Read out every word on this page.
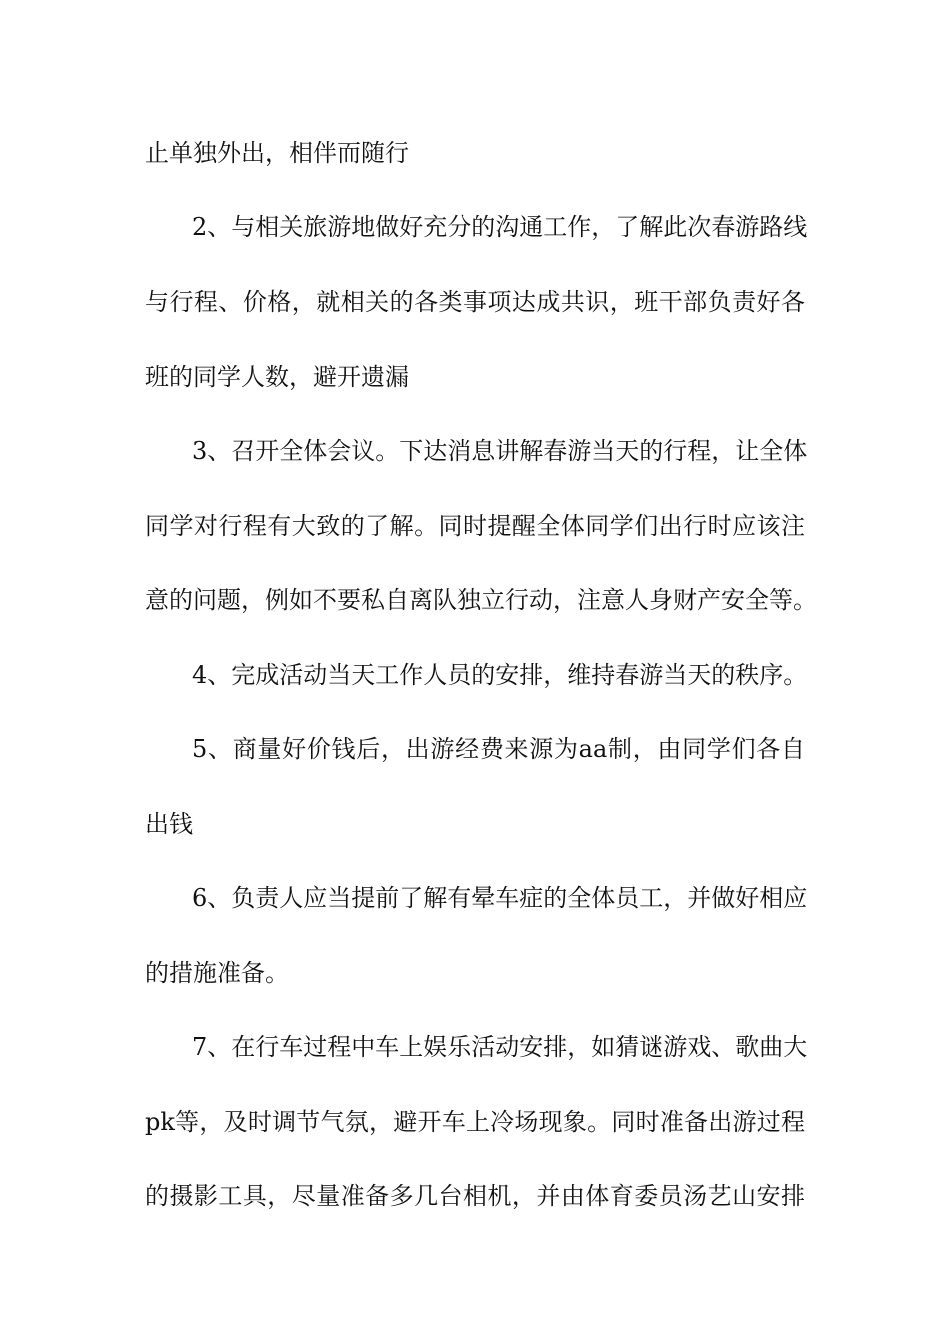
止单独外出，相伴而随行
2、与相关旅游地做好充分的沟通工作，了解此次春游路线
与行程、价格，就相关的各类事项达成共识，班干部负责好各
班的同学人数，避开遗漏
3、召开全体会议。下达消息讲解春游当天的行程，让全体
同学对行程有大致的了解。同时提醒全体同学们出行时应该注
意的问题，例如不要私自离队独立行动，注意人身财产安全等。
4、完成活动当天工作人员的安排，维持春游当天的秩序。
5、商量好价钱后，出游经费来源为aa制，由同学们各自
出钱
6、负责人应当提前了解有晕车症的全体员工，并做好相应
的措施准备。
7、在行车过程中车上娱乐活动安排，如猜谜游戏、歌曲大
pk等，及时调节气氛，避开车上冷场现象。同时准备出游过程
的摄影工具，尽量准备多几台相机，并由体育委员汤艺山安排
